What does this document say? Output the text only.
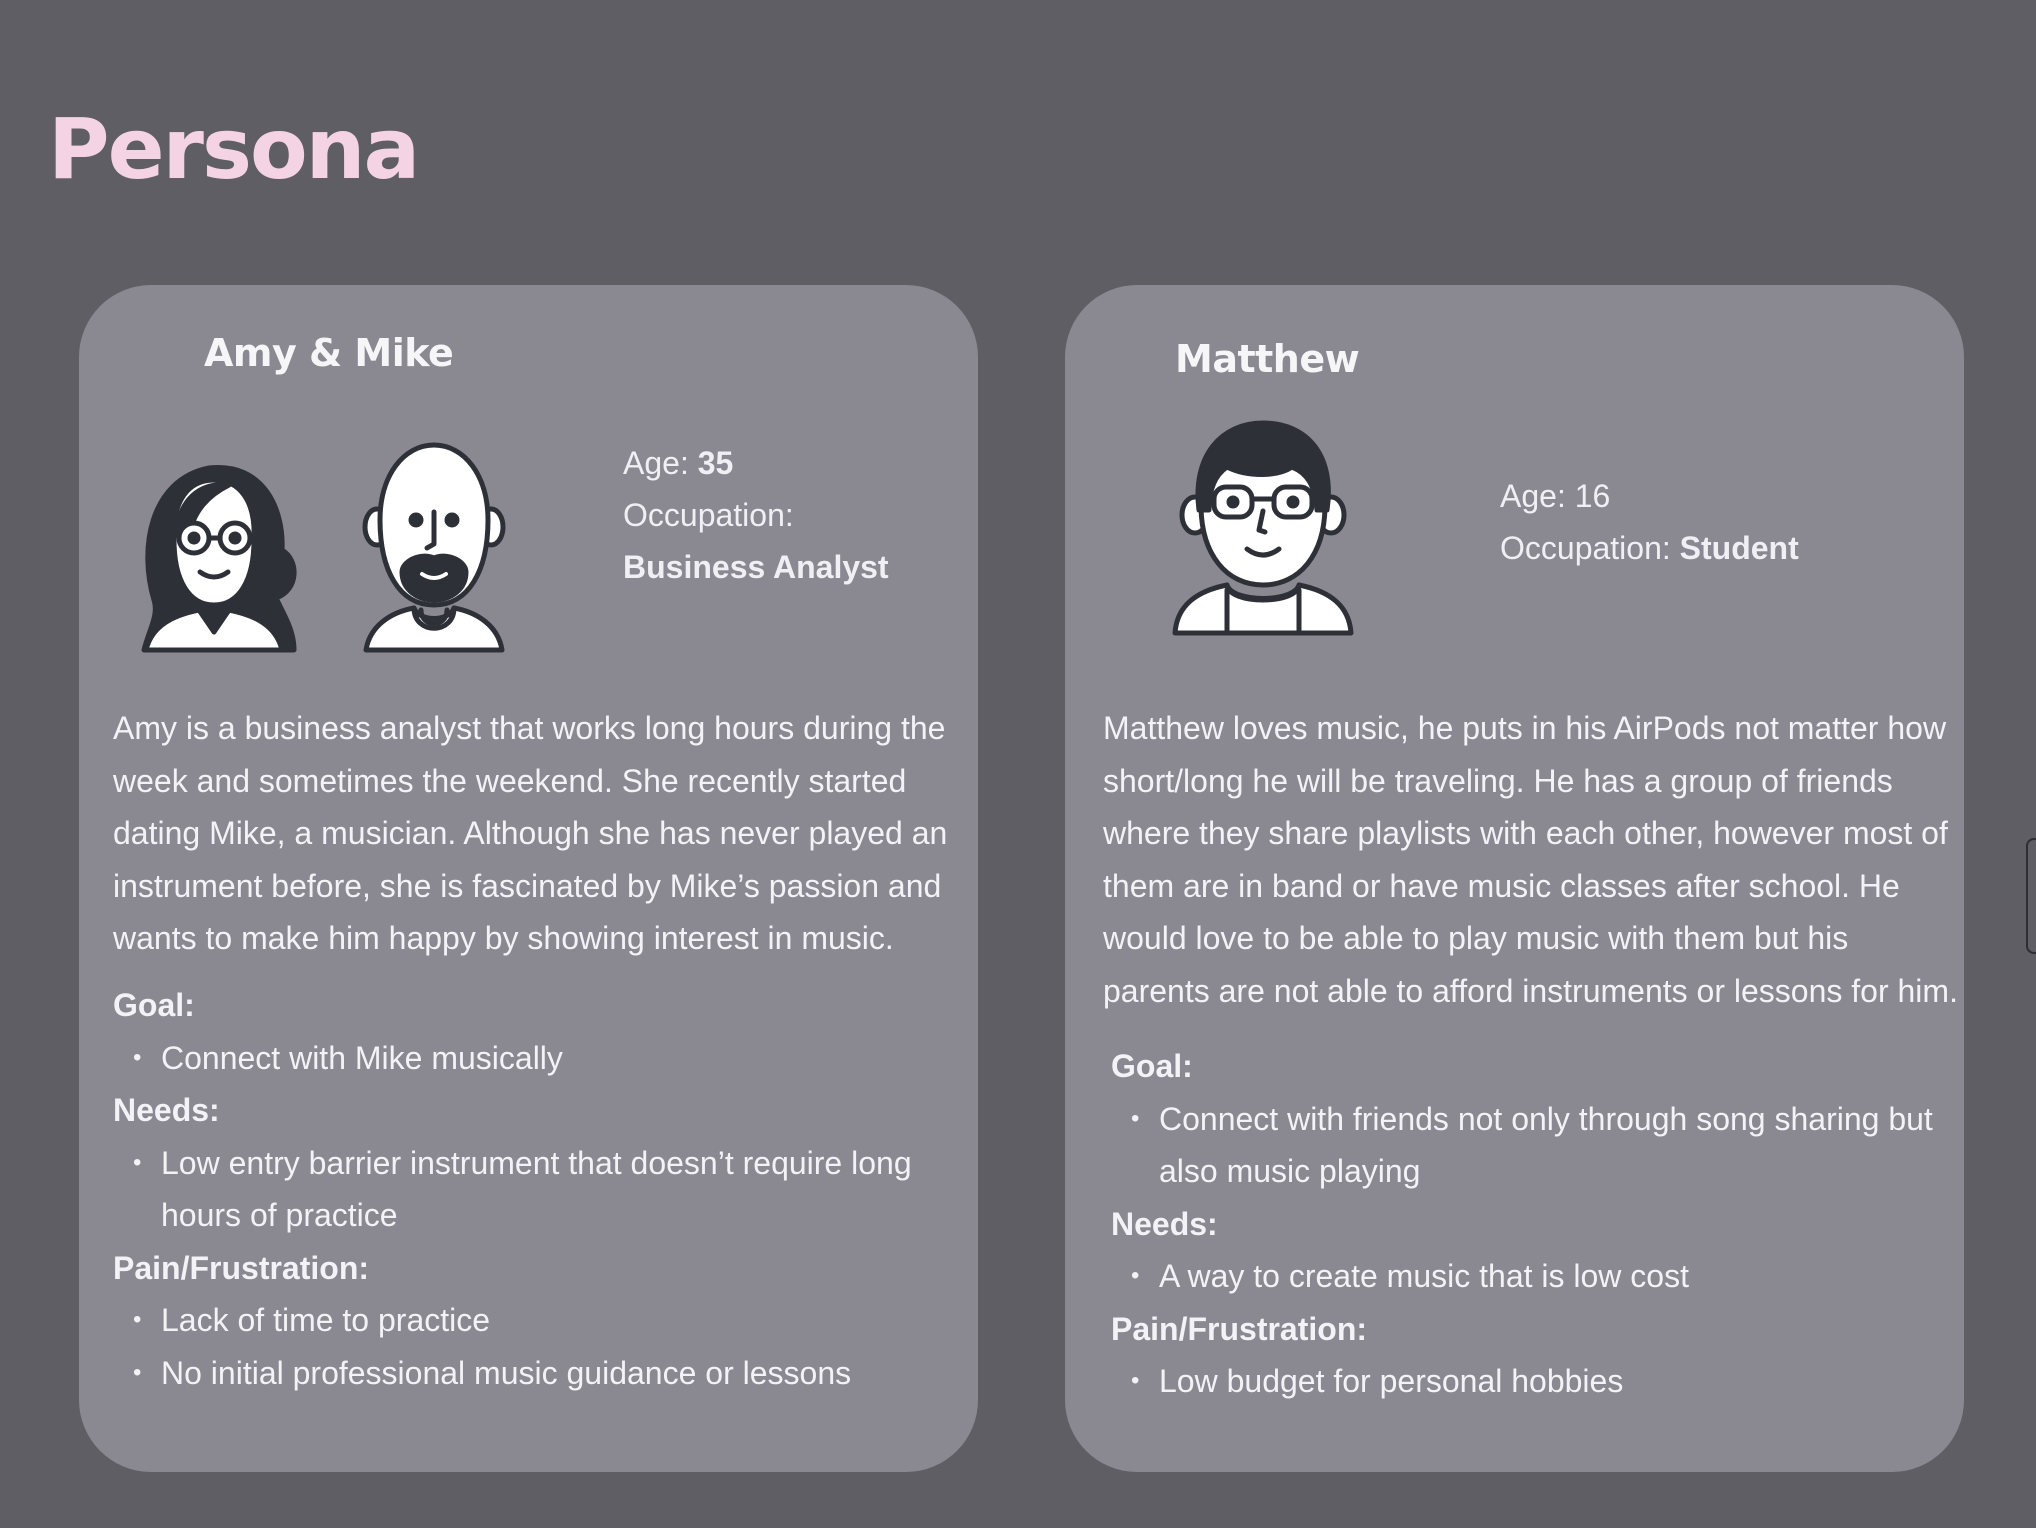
Persona
Amy & Mike
Age: 35
Occupation:
Business Analyst
Amy is a business analyst that works long hours during the
week and sometimes the weekend. She recently started
dating Mike, a musician. Although she has never played an
instrument before, she is fascinated by Mike’s passion and
wants to make him happy by showing interest in music.
Goal:
• Connect with Mike musically
Needs:
• Low entry barrier instrument that doesn’t require long hours of practice
Pain/Frustration:
• Lack of time to practice
• No initial professional music guidance or lessons
Matthew
Age: 16
Occupation: Student
Matthew loves music, he puts in his AirPods not matter how
short/long he will be traveling. He has a group of friends
where they share playlists with each other, however most of
them are in band or have music classes after school. He
would love to be able to play music with them but his
parents are not able to afford instruments or lessons for him.
Goal:
• Connect with friends not only through song sharing but also music playing
Needs:
• A way to create music that is low cost
Pain/Frustration:
• Low budget for personal hobbies
